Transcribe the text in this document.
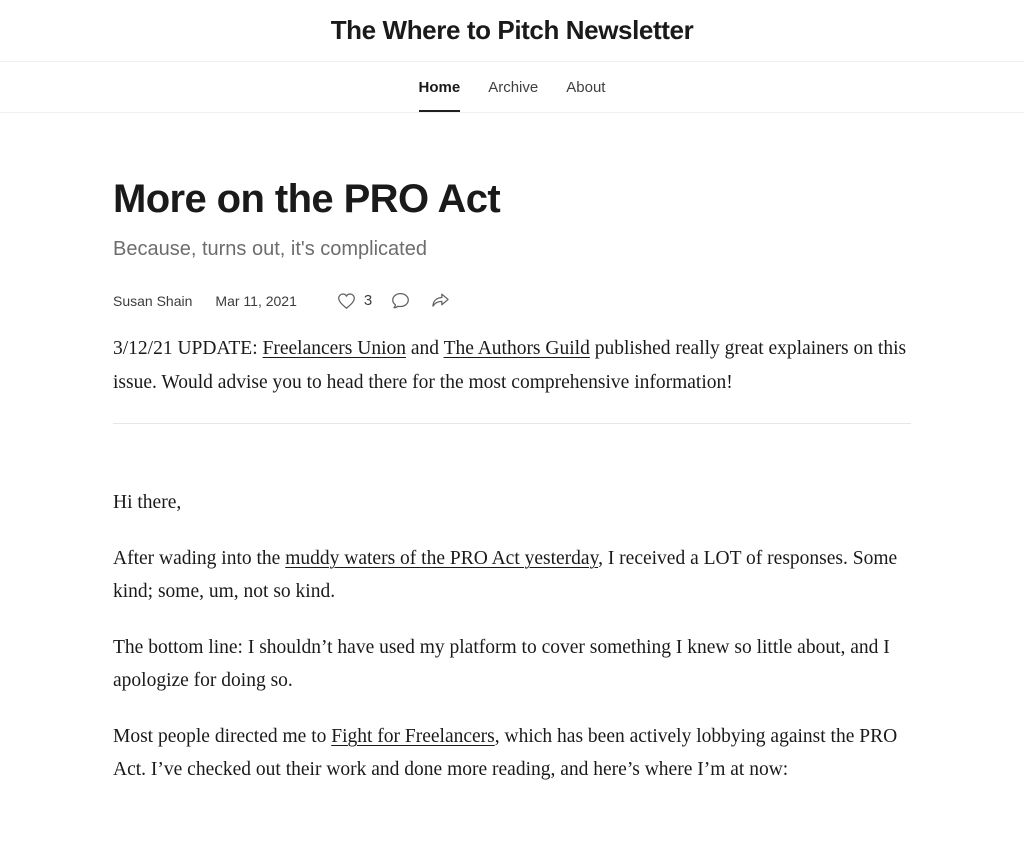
The Where to Pitch Newsletter
Home Archive About
More on the PRO Act
Because, turns out, it's complicated
Susan Shain Mar 11, 2021	3

3/12/21 UPDATE: Freelancers Union and The Authors Guild published really great explainers on this issue. Would advise you to head there for the most comprehensive information!

Hi there,

After wading into the muddy waters of the PRO Act yesterday, I received a LOT of responses. Some kind; some, um, not so kind.

The bottom line: I shouldn’t have used my platform to cover something I knew so little about, and I apologize for doing so.

Most people directed me to Fight for Freelancers, which has been actively lobbying against the PRO Act. I’ve checked out their work and done more reading, and here’s where I’m at now:
